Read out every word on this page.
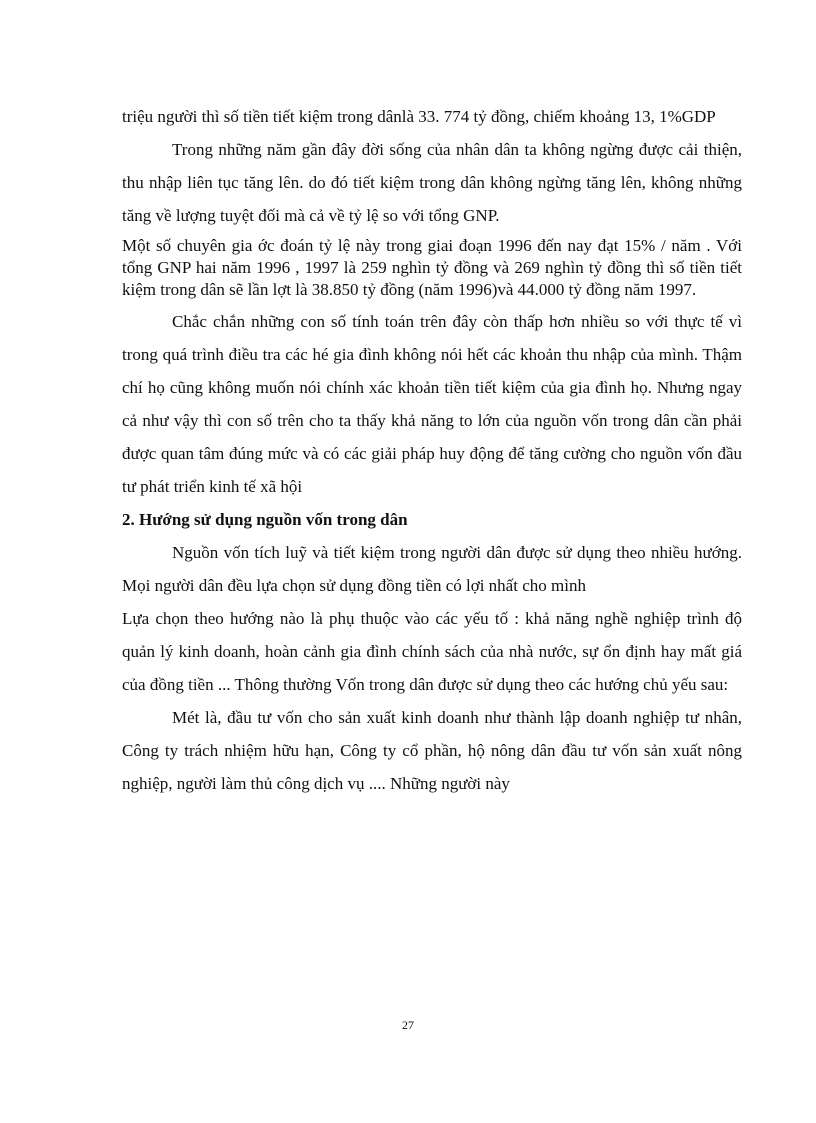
triệu người thì số tiền tiết kiệm trong dânlà 33. 774 tỷ đồng, chiếm khoảng 13, 1%GDP

Trong những năm gần đây đời sống của nhân dân ta không ngừng được cải thiện, thu nhập liên tục tăng lên. do đó tiết kiệm trong dân không ngừng tăng lên, không những tăng về lượng tuyệt đối mà cả về tỷ lệ so với tổng GNP.

Một số chuyên gia ớc đoán tỷ lệ này trong giai đoạn 1996 đến nay đạt 15% / năm . Với tổng GNP hai năm 1996 , 1997 là 259 nghìn tỷ đồng và 269 nghìn tỷ đồng thì số tiền tiết kiệm trong dân sẽ lần lợt là 38.850 tỷ đồng (năm 1996)và 44.000 tỷ đồng năm 1997.

Chắc chắn những con số tính toán trên đây còn thấp hơn nhiều so với thực tế vì trong quá trình điều tra các hé gia đình không nói hết các khoản thu nhập của mình. Thậm chí họ cũng không muốn nói chính xác khoản tiền tiết kiệm của gia đình họ. Nhưng ngay cả như vậy thì con số trên cho ta thấy khả năng to lớn của nguồn vốn trong dân cần phải được quan tâm đúng mức và có các giải pháp huy động để tăng cường cho nguồn vốn đầu tư phát triển kinh tế xã hội

2. Hướng sử dụng nguồn vốn trong dân

Nguồn vốn tích luỹ và tiết kiệm trong người dân được sử dụng theo nhiều hướng. Mọi người dân đều lựa chọn sử dụng đồng tiền có lợi nhất cho mình

Lựa chọn theo hướng nào là phụ thuộc vào các yếu tố : khả năng nghề nghiệp trình độ quản lý kinh doanh, hoàn cảnh gia đình chính sách của nhà nước, sự ổn định hay mất giá của đồng tiền ... Thông thường Vốn trong dân được sử dụng theo các hướng chủ yếu sau:

Mét là, đầu tư vốn cho sản xuất kinh doanh như thành lập doanh nghiệp tư nhân, Công ty trách nhiệm hữu hạn, Công ty cổ phần, hộ nông dân đầu tư vốn sản xuất nông nghiệp, người làm thủ công dịch vụ .... Những người này

27
